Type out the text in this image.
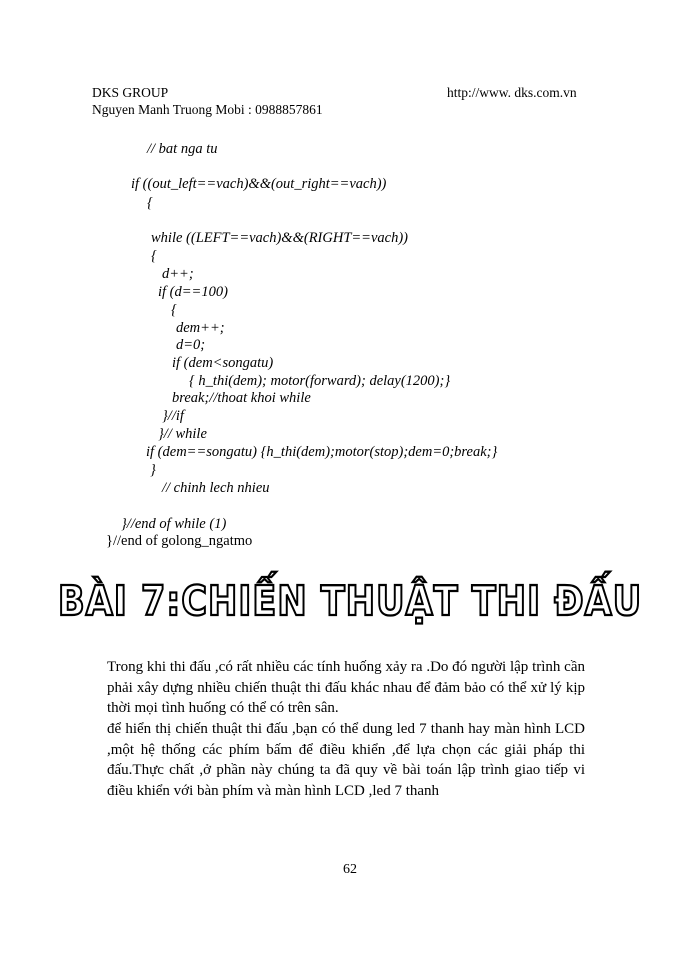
DKS GROUP
Nguyen Manh Truong Mobi : 0988857861
http://www. dks.com.vn
// bat nga tu
if ((out_left==vach)&&(out_right==vach))
{
while ((LEFT==vach)&&(RIGHT==vach))
{
d++;
if (d==100)
{
dem++;
d=0;
if (dem<songatu)
{ h_thi(dem); motor(forward); delay(1200);}
break;//thoat khoi while
}//if
}// while
if (dem==songatu) {h_thi(dem);motor(stop);dem=0;break;}
}
// chinh lech nhieu
}//end of while (1)
}//end of golong_ngatmo
BÀI 7:CHIẾN THUẬT THI ĐẤU
Trong khi thi đấu ,có rất nhiều các tính huống xảy ra .Do đó người lập trình cần phải xây dựng nhiều chiến thuật thi đấu khác nhau để đảm bảo có thể xử lý kịp thời mọi tình huống có thể có trên sân.
để hiển thị chiến thuật thi đấu ,bạn có thể dung led 7 thanh hay màn hình LCD ,một hệ thống các phím bấm để điều khiển ,để lựa chọn các giải pháp thi đấu.Thực chất ,ở phần này chúng ta đã quy về bài toán lập trình giao tiếp vi điều khiển với bàn phím và màn hình LCD ,led 7 thanh
62
